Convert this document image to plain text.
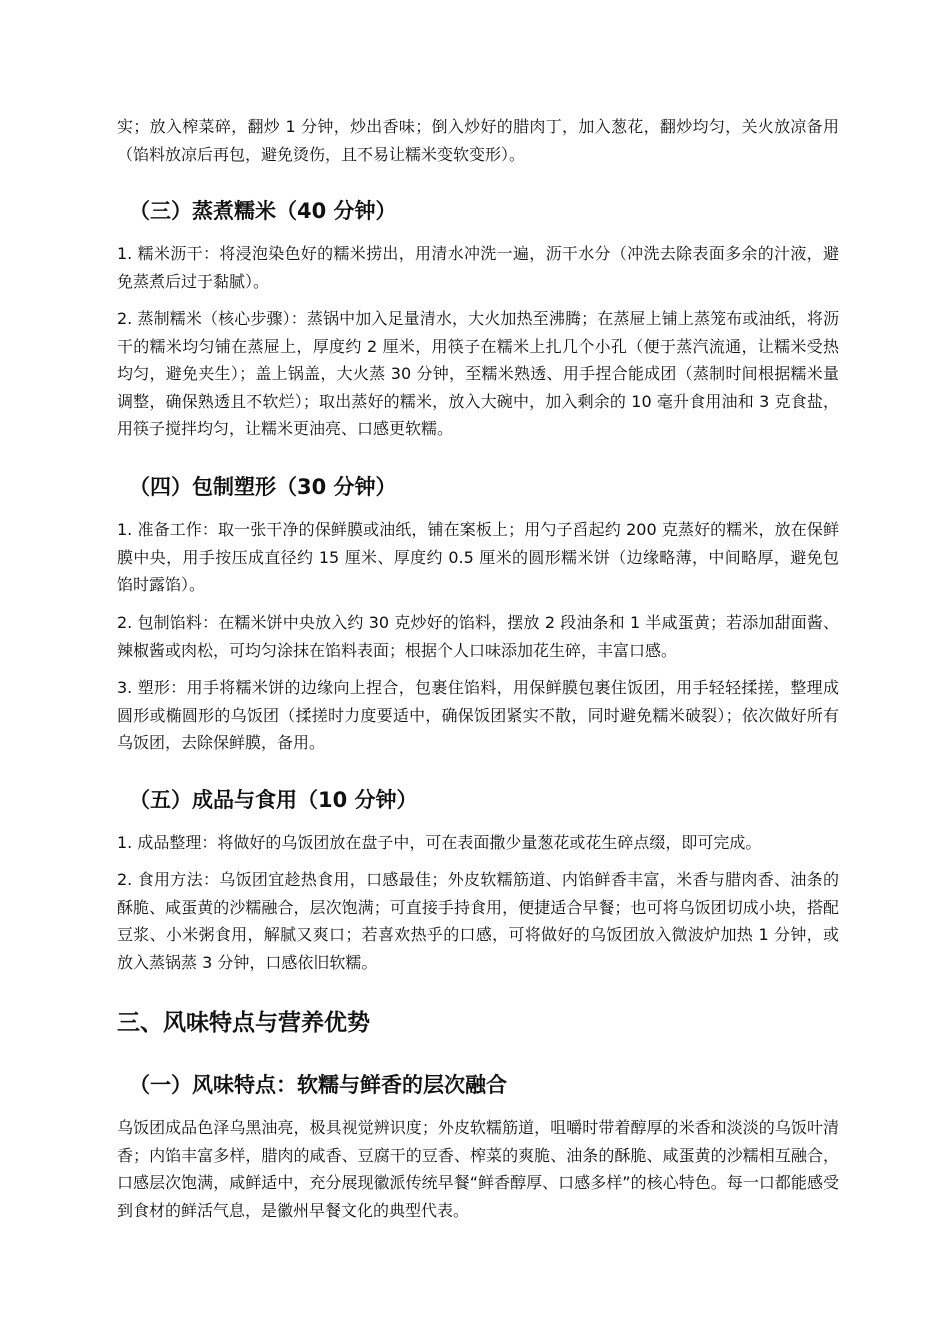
实；放入榨菜碎，翻炒 1 分钟，炒出香味；倒入炒好的腊肉丁，加入葱花，翻炒均匀，关火放凉备用（馅料放凉后再包，避免烫伤，且不易让糯米变软变形）。

（三）蒸煮糯米（40 分钟）

1. 糯米沥干：将浸泡染色好的糯米捞出，用清水冲洗一遍，沥干水分（冲洗去除表面多余的汁液，避免蒸煮后过于黏腻）。

2. 蒸制糯米（核心步骤）：蒸锅中加入足量清水，大火加热至沸腾；在蒸屉上铺上蒸笼布或油纸，将沥干的糯米均匀铺在蒸屉上，厚度约 2 厘米，用筷子在糯米上扎几个小孔（便于蒸汽流通，让糯米受热均匀，避免夹生）；盖上锅盖，大火蒸 30 分钟，至糯米熟透、用手捏合能成团（蒸制时间根据糯米量调整，确保熟透且不软烂）；取出蒸好的糯米，放入大碗中，加入剩余的 10 毫升食用油和 3 克食盐，用筷子搅拌均匀，让糯米更油亮、口感更软糯。

（四）包制塑形（30 分钟）

1. 准备工作：取一张干净的保鲜膜或油纸，铺在案板上；用勺子舀起约 200 克蒸好的糯米，放在保鲜膜中央，用手按压成直径约 15 厘米、厚度约 0.5 厘米的圆形糯米饼（边缘略薄，中间略厚，避免包馅时露馅）。

2. 包制馅料：在糯米饼中央放入约 30 克炒好的馅料，摆放 2 段油条和 1 半咸蛋黄；若添加甜面酱、辣椒酱或肉松，可均匀涂抹在馅料表面；根据个人口味添加花生碎，丰富口感。

3. 塑形：用手将糯米饼的边缘向上捏合，包裹住馅料，用保鲜膜包裹住饭团，用手轻轻揉搓，整理成圆形或椭圆形的乌饭团（揉搓时力度要适中，确保饭团紧实不散，同时避免糯米破裂）；依次做好所有乌饭团，去除保鲜膜，备用。

（五）成品与食用（10 分钟）

1. 成品整理：将做好的乌饭团放在盘子中，可在表面撒少量葱花或花生碎点缀，即可完成。

2. 食用方法：乌饭团宜趁热食用，口感最佳；外皮软糯筋道、内馅鲜香丰富，米香与腊肉香、油条的酥脆、咸蛋黄的沙糯融合，层次饱满；可直接手持食用，便捷适合早餐；也可将乌饭团切成小块，搭配豆浆、小米粥食用，解腻又爽口；若喜欢热乎的口感，可将做好的乌饭团放入微波炉加热 1 分钟，或放入蒸锅蒸 3 分钟，口感依旧软糯。

三、风味特点与营养优势
（一）风味特点：软糯与鲜香的层次融合

乌饭团成品色泽乌黑油亮，极具视觉辨识度；外皮软糯筋道，咀嚼时带着醇厚的米香和淡淡的乌饭叶清香；内馅丰富多样，腊肉的咸香、豆腐干的豆香、榨菜的爽脆、油条的酥脆、咸蛋黄的沙糯相互融合，口感层次饱满，咸鲜适中，充分展现徽派传统早餐“鲜香醇厚、口感多样”的核心特色。每一口都能感受到食材的鲜活气息，是徽州早餐文化的典型代表。
